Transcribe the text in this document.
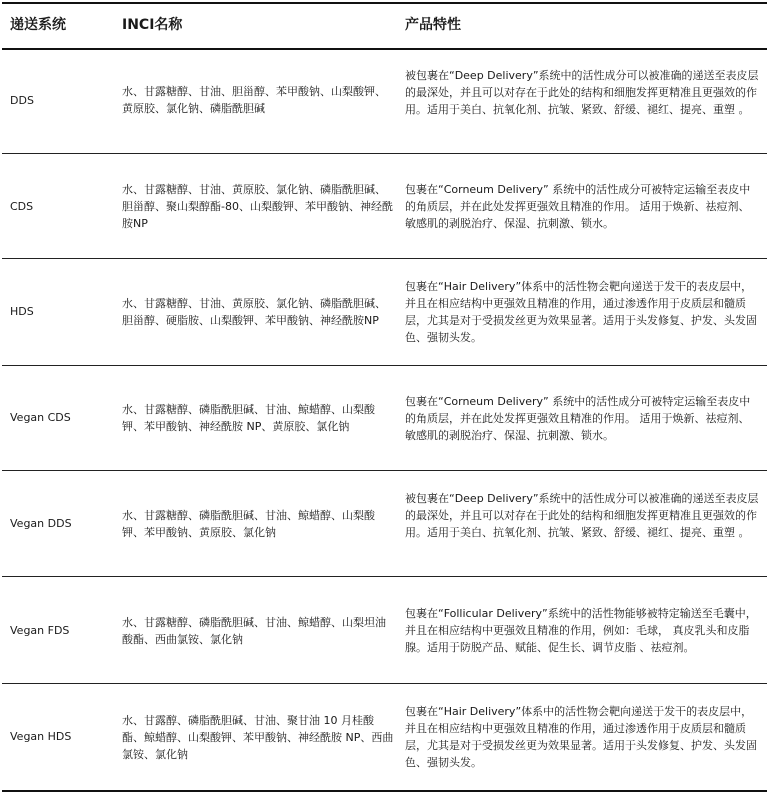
递送系统	INCI名称	产品特性
DDS
水、甘露糖醇、甘油、胆甾醇、苯甲酸钠、山梨酸钾、黄原胶、氯化钠、磷脂酰胆碱
被包裹在“Deep Delivery”系统中的活性成分可以被准确的递送至表皮层的最深处，并且可以对存在于此处的结构和细胞发挥更精准且更强效的作用。适用于美白、抗氧化剂、抗皱、紧致、舒缓、褪红、提亮、重塑 。
CDS
水、甘露糖醇、甘油、黄原胶、氯化钠、磷脂酰胆碱、胆甾醇、聚山梨醇酯-80、山梨酸钾、苯甲酸钠、神经酰胺NP
包裹在“Corneum Delivery” 系统中的活性成分可被特定运输至表皮中的角质层，并在此处发挥更强效且精准的作用。 适用于焕新、祛痘剂、敏感肌的剥脱治疗、保湿、抗刺激、锁水。
HDS
水、甘露糖醇、甘油、黄原胶、氯化钠、磷脂酰胆碱、胆甾醇、硬脂胺、山梨酸钾、苯甲酸钠、神经酰胺NP
包裹在“Hair Delivery”体系中的活性物会靶向递送于发干的表皮层中，并且在相应结构中更强效且精准的作用，通过渗透作用于皮质层和髓质层，尤其是对于受损发丝更为效果显著。适用于头发修复、护发、头发固色、强韧头发。
Vegan CDS
水、甘露糖醇、磷脂酰胆碱、甘油、鲸蜡醇、山梨酸钾、苯甲酸钠、神经酰胺 NP、黄原胶、氯化钠
包裹在“Corneum Delivery” 系统中的活性成分可被特定运输至表皮中的角质层，并在此处发挥更强效且精准的作用。 适用于焕新、祛痘剂、敏感肌的剥脱治疗、保湿、抗刺激、锁水。
Vegan DDS
水、甘露糖醇、磷脂酰胆碱、甘油、鲸蜡醇、山梨酸钾、苯甲酸钠、黄原胶、氯化钠
被包裹在“Deep Delivery”系统中的活性成分可以被准确的递送至表皮层的最深处，并且可以对存在于此处的结构和细胞发挥更精准且更强效的作用。适用于美白、抗氧化剂、抗皱、紧致、舒缓、褪红、提亮、重塑 。
Vegan FDS
水、甘露糖醇、磷脂酰胆碱、甘油、鲸蜡醇、山梨坦油酸酯、西曲氯铵、氯化钠
包裹在“Follicular Delivery”系统中的活性物能够被特定输送至毛囊中，并且在相应结构中更强效且精准的作用，例如：毛球， 真皮乳头和皮脂腺。适用于防脱产品、赋能、促生长、调节皮脂 、祛痘剂。
Vegan HDS
水、甘露醇、磷脂酰胆碱、甘油、聚甘油 10 月桂酸酯、鲸蜡醇、山梨酸钾、苯甲酸钠、神经酰胺 NP、西曲氯铵、氯化钠
包裹在“Hair Delivery”体系中的活性物会靶向递送于发干的表皮层中，并且在相应结构中更强效且精准的作用，通过渗透作用于皮质层和髓质层，尤其是对于受损发丝更为效果显著。适用于头发修复、护发、头发固色、强韧头发。
